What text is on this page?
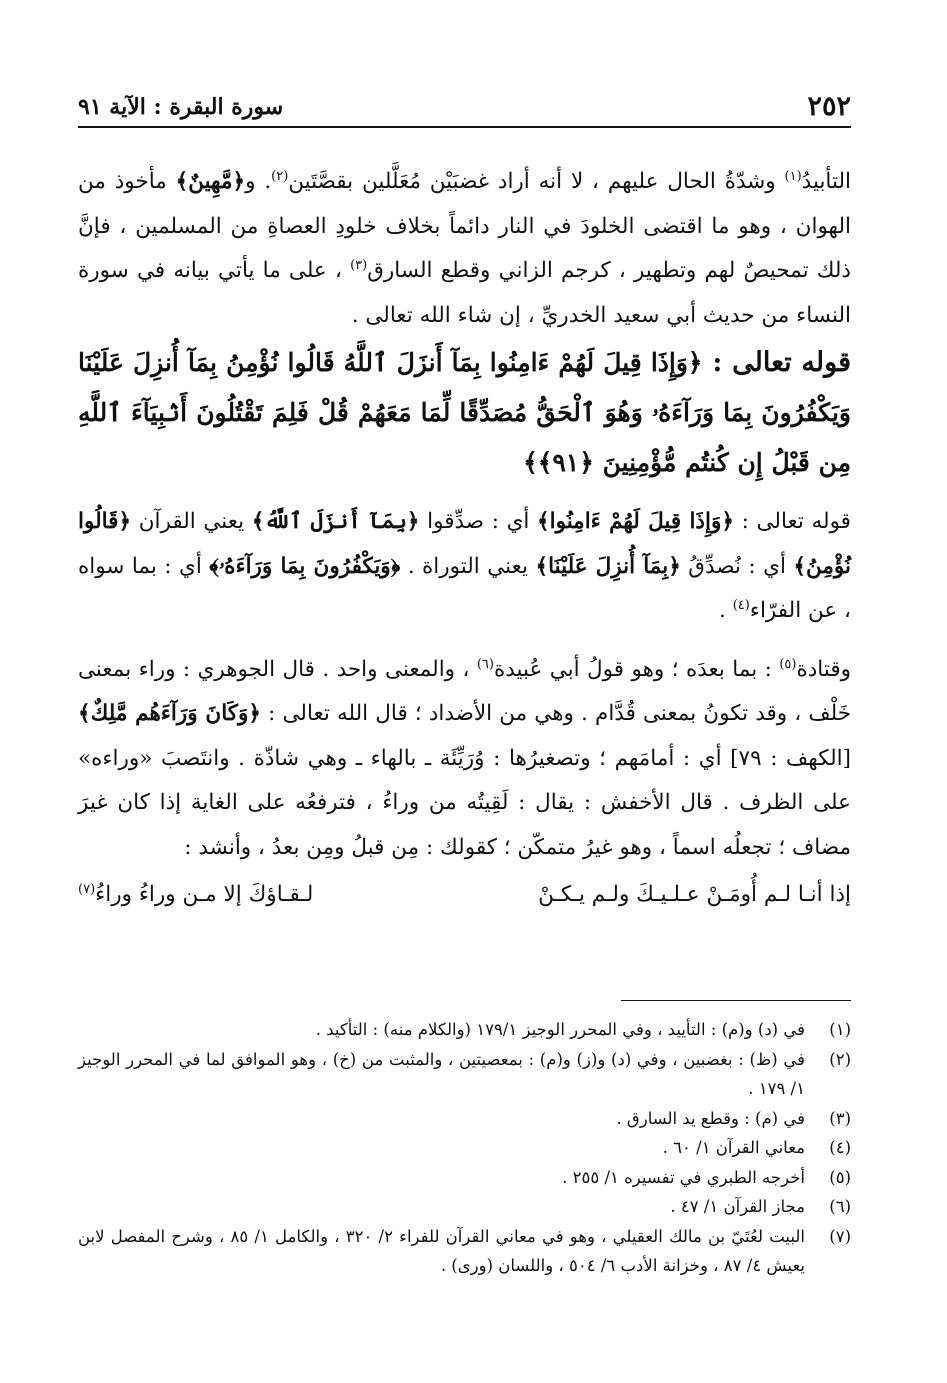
٢٥٢
سورة البقرة : الآية ٩١

التأبيدُ$^{(١)}$ وشدّةُ الحال عليهم ، لا أنه أراد غضبَيْن مُعَلَّلين بقصَّتَين$^{(٢)}$. و﴿مَّهِينٌ﴾ مأخوذ من الهوان ، وهو ما اقتضى الخلودَ في النار دائماً بخلاف خلودِ العصاةِ من المسلمين ، فإنَّ ذلك تمحيصٌ لهم وتطهير ، كرجم الزاني وقطع السارق$^{(٣)}$ ، على ما يأتي بيانه في سورة النساء من حديث أبي سعيد الخدريِّ ، إن شاء الله تعالى .

قوله تعالى : ﴿وَإِذَا قِيلَ لَهُمْ ءَامِنُوا بِمَآ أَنزَلَ ٱللَّهُ قَالُوا نُؤْمِنُ بِمَآ أُنزِلَ عَلَيْنَا وَيَكْفُرُونَ بِمَا وَرَآءَهُۥ وَهُوَ ٱلْحَقُّ مُصَدِّقًا لِّمَا مَعَهُمْ قُلْ فَلِمَ تَقْتُلُونَ أَنۢبِيَآءَ ٱللَّهِ مِن قَبْلُ إِن كُنتُم مُّؤْمِنِينَ ﴿٩١﴾﴾

قوله تعالى : ﴿وَإِذَا قِيلَ لَهُمْ ءَامِنُوا﴾ أي : صدِّقوا ﴿بِمَآ أَنزَلَ ٱللَّهُ﴾ يعني القرآن ﴿قَالُوا نُؤْمِنُ﴾ أي : نُصدِّقُ ﴿بِمَآ أُنزِلَ عَلَيْنَا﴾ يعني التوراة . ﴿وَيَكْفُرُونَ بِمَا وَرَآءَهُۥ﴾ أي : بما سواه ، عن الفرّاء$^{(٤)}$ .

وقتادة$^{(٥)}$ : بما بعدَه ؛ وهو قولُ أبي عُبيدة$^{(٦)}$ ، والمعنى واحد . قال الجوهري : وراء بمعنى خَلْف ، وقد تكونُ بمعنى قُدَّام . وهي من الأضداد ؛ قال الله تعالى : ﴿وَكَانَ وَرَآءَهُم مَّلِكٌ﴾ [الكهف : ٧٩] أي : أمامَهم ؛ وتصغيرُها : وُرَيِّئَة ـ بالهاء ـ وهي شاذّة . وانتَصبَ «وراءه» على الظرف . قال الأخفش : يقال : لَقِيتُه من وراءُ ، فترفعُه على الغاية إذا كان غيرَ مضاف ؛ تجعلُه اسماً ، وهو غيرُ متمكّن ؛ كقولك : مِن قبلُ ومِن بعدُ ، وأنشد :

إذا أنـا لـم أُومَـنْ عـلـيـكَ ولـم يـكـنْ
لـقـاؤكَ إلا مـن وراءُ وراءُ$^{(٧)}$

(١)
في (د) و(م) : التأييد ، وفي المحرر الوجيز ١٧٩/١ (والكلام منه) : التأكيد .

(٢)
في (ظ) : بغضبين ، وفي (د) و(ز) و(م) : بمعصيتين ، والمثبت من (خ) ، وهو الموافق لما في المحرر الوجيز ١/ ١٧٩ .

(٣)
في (م) : وقطع يد السارق .

(٤)
معاني القرآن ١/ ٦٠ .

(٥)
أخرجه الطبري في تفسيره ١/ ٢٥٥ .

(٦)
مجاز القرآن ١/ ٤٧ .

(٧)
البيت لعُتَيّ بن مالك العقيلي ، وهو في معاني القرآن للفراء ٢/ ٣٢٠ ، والكامل ١/ ٨٥ ، وشرح المفصل لابن يعيش ٤/ ٨٧ ، وخزانة الأدب ٦/ ٥٠٤ ، واللسان (ورى) .
